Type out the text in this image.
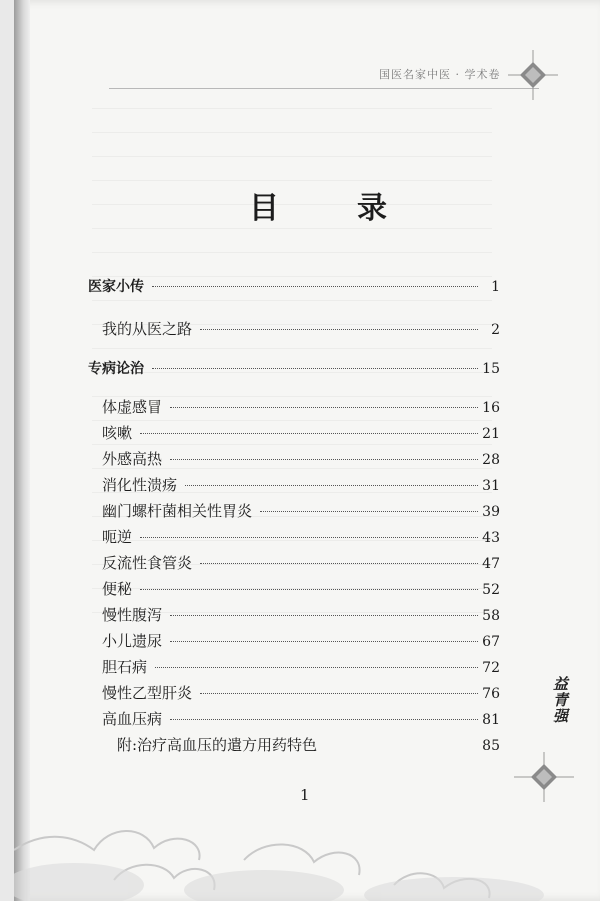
国医名家中医 · 学术卷
目	录
医家小传	1
我的从医之路	2
专病论治	15
体虚感冒	16
咳嗽	21
外感高热	28
消化性溃疡	31
幽门螺杆菌相关性胃炎	39
呃逆	43
反流性食管炎	47
便秘	52
慢性腹泻	58
小儿遗尿	67
胆石病	72
慢性乙型肝炎	76
高血压病	81
附:治疗高血压的遣方用药特色	85
益青强
1
